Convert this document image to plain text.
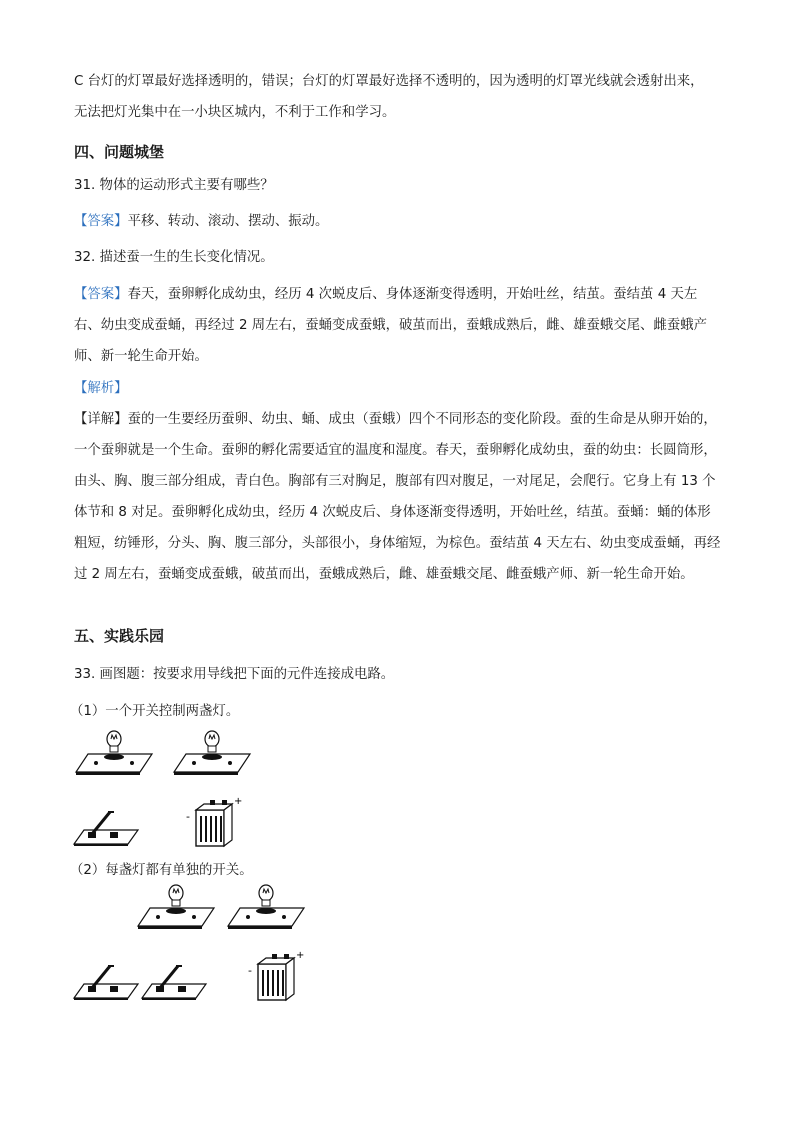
C 台灯的灯罩最好选择透明的，错误；台灯的灯罩最好选择不透明的，因为透明的灯罩光线就会透射出来，
无法把灯光集中在一小块区城内，不利于工作和学习。

四、问题城堡

31. 物体的运动形式主要有哪些？

【答案】平移、转动、滚动、摆动、振动。

32. 描述蚕一生的生长变化情况。

【答案】春天，蚕卵孵化成幼虫，经历 4 次蜕皮后、身体逐渐变得透明，开始吐丝，结茧。蚕结茧 4 天左右、幼虫变成蚕蛹，再经过 2 周左右，蚕蛹变成蚕蛾，破茧而出，蚕蛾成熟后，雌、雄蚕蛾交尾、雌蚕蛾产师、新一轮生命开始。

【解析】

【详解】蚕的一生要经历蚕卵、幼虫、蛹、成虫（蚕蛾）四个不同形态的变化阶段。蚕的生命是从卵开始的，一个蚕卵就是一个生命。蚕卵的孵化需要适宜的温度和湿度。春天，蚕卵孵化成幼虫，蚕的幼虫：长圆筒形，由头、胸、腹三部分组成，青白色。胸部有三对胸足，腹部有四对腹足，一对尾足，会爬行。它身上有 13 个体节和 8 对足。蚕卵孵化成幼虫，经历 4 次蜕皮后、身体逐渐变得透明，开始吐丝，结茧。蚕蛹：蛹的体形粗短，纺锤形，分头、胸、腹三部分，头部很小，身体缩短，为棕色。蚕结茧 4 天左右、幼虫变成蚕蛹，再经过 2 周左右，蚕蛹变成蚕蛾，破茧而出，蚕蛾成熟后，雌、雄蚕蛾交尾、雌蚕蛾产师、新一轮生命开始。

五、实践乐园

33. 画图题：按要求用导线把下面的元件连接成电路。

（1）一个开关控制两盏灯。

-
+

（2）每盏灯都有单独的开关。

-
+
